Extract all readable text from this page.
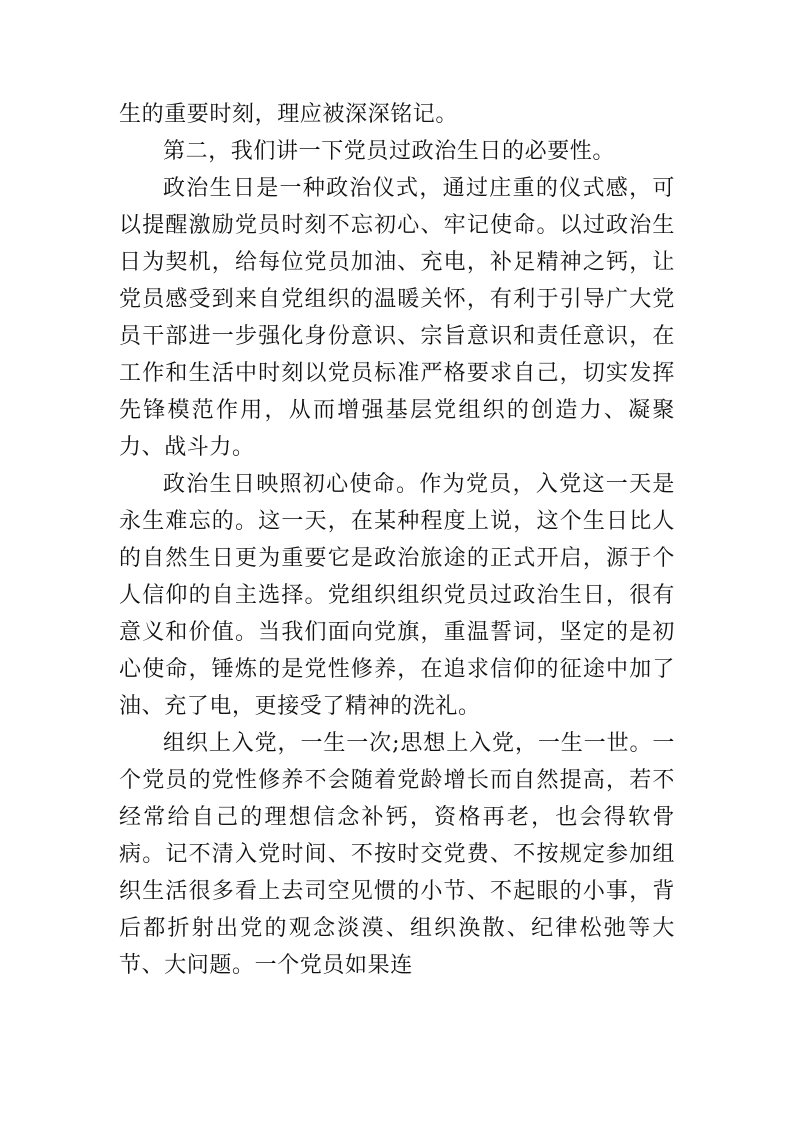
生的重要时刻，理应被深深铭记。

第二，我们讲一下党员过政治生日的必要性。

政治生日是一种政治仪式，通过庄重的仪式感，可以提醒激励党员时刻不忘初心、牢记使命。以过政治生日为契机，给每位党员加油、充电，补足精神之钙，让党员感受到来自党组织的温暖关怀，有利于引导广大党员干部进一步强化身份意识、宗旨意识和责任意识，在工作和生活中时刻以党员标准严格要求自己，切实发挥先锋模范作用，从而增强基层党组织的创造力、凝聚力、战斗力。

政治生日映照初心使命。作为党员，入党这一天是永生难忘的。这一天，在某种程度上说，这个生日比人的自然生日更为重要它是政治旅途的正式开启，源于个人信仰的自主选择。党组织组织党员过政治生日，很有意义和价值。当我们面向党旗，重温誓词，坚定的是初心使命，锤炼的是党性修养，在追求信仰的征途中加了油、充了电，更接受了精神的洗礼。

组织上入党，一生一次;思想上入党，一生一世。一个党员的党性修养不会随着党龄增长而自然提高，若不经常给自己的理想信念补钙，资格再老，也会得软骨病。记不清入党时间、不按时交党费、不按规定参加组织生活很多看上去司空见惯的小节、不起眼的小事，背后都折射出党的观念淡漠、组织涣散、纪律松弛等大节、大问题。一个党员如果连
